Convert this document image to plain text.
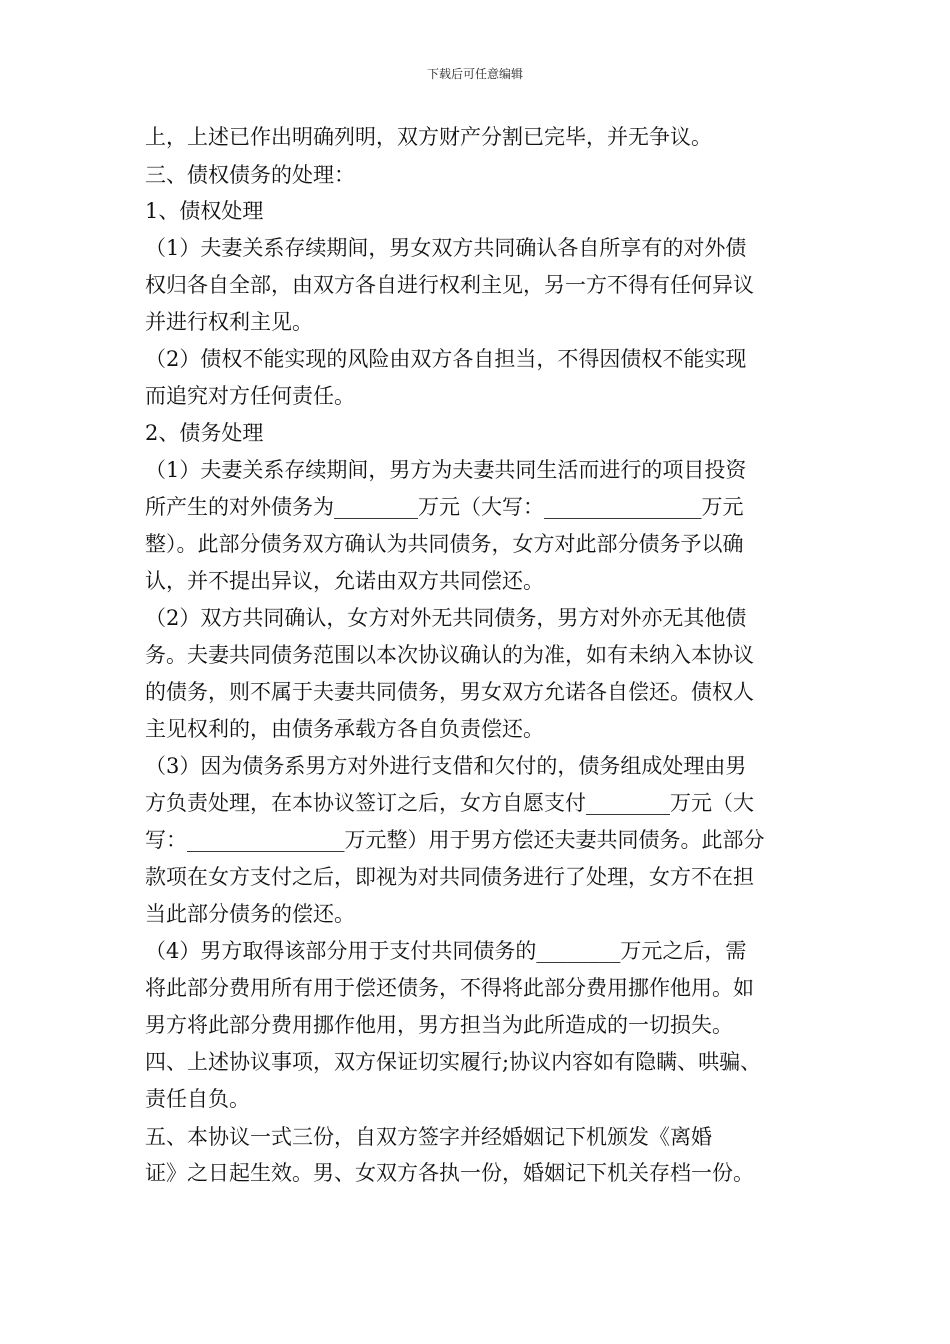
下载后可任意编辑
上，上述已作出明确列明，双方财产分割已完毕，并无争议。
三、债权债务的处理：
1、债权处理
（1）夫妻关系存续期间，男女双方共同确认各自所享有的对外债
权归各自全部，由双方各自进行权利主见，另一方不得有任何异议
并进行权利主见。
（2）债权不能实现的风险由双方各自担当，不得因债权不能实现
而追究对方任何责任。
2、债务处理
（1）夫妻关系存续期间，男方为夫妻共同生活而进行的项目投资
所产生的对外债务为________万元（大写：_______________万元
整）。此部分债务双方确认为共同债务，女方对此部分债务予以确
认，并不提出异议，允诺由双方共同偿还。
（2）双方共同确认，女方对外无共同债务，男方对外亦无其他债
务。夫妻共同债务范围以本次协议确认的为准，如有未纳入本协议
的债务，则不属于夫妻共同债务，男女双方允诺各自偿还。债权人
主见权利的，由债务承载方各自负责偿还。
（3）因为债务系男方对外进行支借和欠付的，债务组成处理由男
方负责处理，在本协议签订之后，女方自愿支付________万元（大
写：_______________万元整）用于男方偿还夫妻共同债务。此部分
款项在女方支付之后，即视为对共同债务进行了处理，女方不在担
当此部分债务的偿还。
（4）男方取得该部分用于支付共同债务的________万元之后，需
将此部分费用所有用于偿还债务，不得将此部分费用挪作他用。如
男方将此部分费用挪作他用，男方担当为此所造成的一切损失。
四、上述协议事项，双方保证切实履行;协议内容如有隐瞒、哄骗、
责任自负。
五、本协议一式三份，自双方签字并经婚姻记下机颁发《离婚
证》之日起生效。男、女双方各执一份，婚姻记下机关存档一份。
